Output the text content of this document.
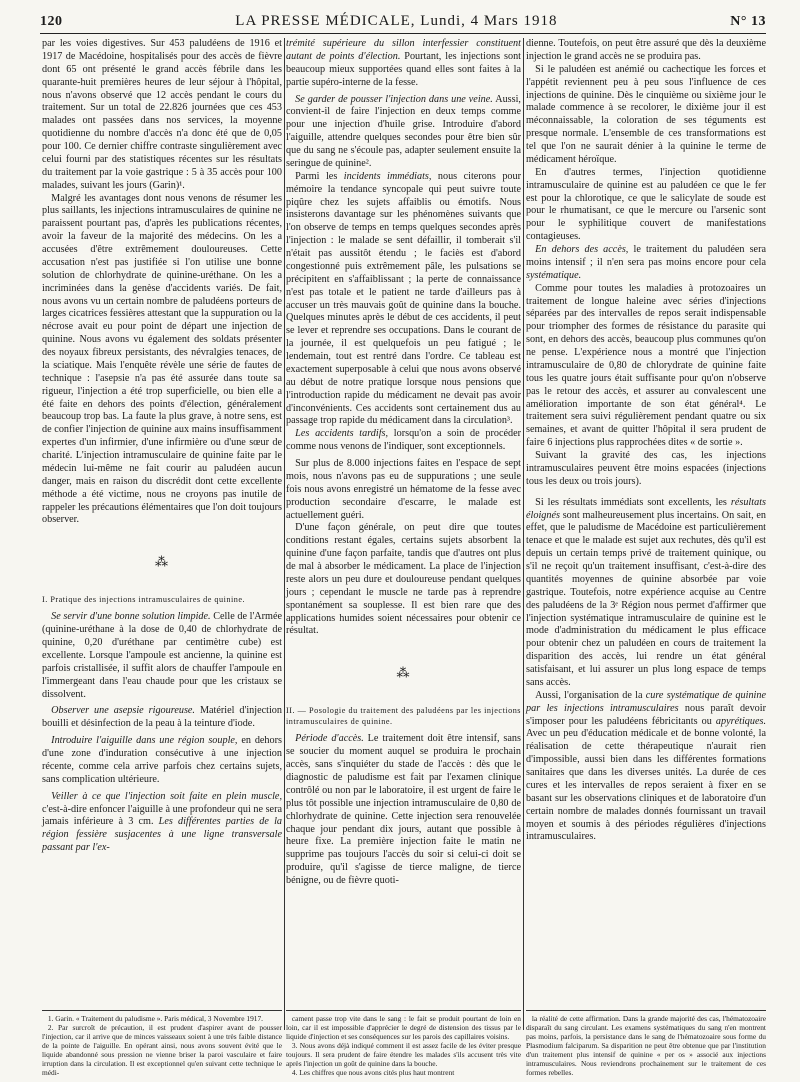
120	LA PRESSE MÉDICALE, Lundi, 4 Mars 1918	N° 13

par les voies digestives. Sur 453 paludéens de 1916 et 1917 de Macédoine, hospitalisés pour des accès de fièvre dont 65 ont présenté le grand accès fébrile dans les quarante-huit premières heures de leur séjour à l'hôpital, nous n'avons observé que 12 accès pendant le cours du traitement. Sur un total de 22.826 journées que ces 453 malades ont passées dans nos services, la moyenne quotidienne du nombre d'accès n'a donc été que de 0,05 pour 100. Ce dernier chiffre contraste singulièrement avec celui fourni par des statistiques récentes sur les résultats du traitement par la voie gastrique : 5 à 35 accès pour 100 malades, suivant les jours (Garin)¹.

Malgré les avantages dont nous venons de résumer les plus saillants, les injections intramusculaires de quinine ne paraissent pourtant pas, d'après les publications récentes, avoir la faveur de la majorité des médecins. On les a accusées d'être extrêmement douloureuses. Cette accusation n'est pas justifiée si l'on utilise une bonne solution de chlorhydrate de quinine-uréthane. On les a incriminées dans la genèse d'accidents variés. De fait, nous avons vu un certain nombre de paludéens porteurs de larges cicatrices fessières attestant que la suppuration ou la nécrose avait eu pour point de départ une injection de quinine. Nous avons vu également des soldats présenter des noyaux fibreux persistants, des névralgies tenaces, de la sciatique. Mais l'enquête révèle une série de fautes de technique : l'asepsie n'a pas été assurée dans toute sa rigueur, l'injection a été trop superficielle, ou bien elle a été faite en dehors des points d'élection, généralement beaucoup trop bas. La faute la plus grave, à notre sens, est de confier l'injection de quinine aux mains insuffisamment expertes d'un infirmier, d'une infirmière ou d'une sœur de charité. L'injection intramusculaire de quinine faite par le médecin lui-même ne fait courir au paludéen aucun danger, mais en raison du discrédit dont cette excellente méthode a été victime, nous ne croyons pas inutile de rappeler les précautions élémentaires que l'on doit toujours observer.

⁂
I. Pratique des injections intramusculaires de quinine.

Se servir d'une bonne solution limpide. Celle de l'Armée (quinine-uréthane à la dose de 0,40 de chlorhydrate de quinine, 0,20 d'uréthane par centimètre cube) est excellente. Lorsque l'ampoule est ancienne, la quinine est parfois cristallisée, il suffit alors de chauffer l'ampoule en l'immergeant dans l'eau chaude pour que les cristaux se dissolvent.

Observer une asepsie rigoureuse. Matériel d'injection bouilli et désinfection de la peau à la teinture d'iode.

Introduire l'aiguille dans une région souple, en dehors d'une zone d'induration consécutive à une injection récente, comme cela arrive parfois chez certains sujets, sans complication ultérieure.

Veiller à ce que l'injection soit faite en plein muscle, c'est-à-dire enfoncer l'aiguille à une profondeur qui ne sera jamais inférieure à 3 cm. Les différentes parties de la région fessière susjacentes à une ligne transversale passant par l'ex-

trémité supérieure du sillon interfessier constituent autant de points d'élection. Pourtant, les injections sont beaucoup mieux supportées quand elles sont faites à la partie supéro-interne de la fesse.

Se garder de pousser l'injection dans une veine. Aussi, convient-il de faire l'injection en deux temps comme pour une injection d'huile grise. Introduire d'abord l'aiguille, attendre quelques secondes pour être bien sûr que du sang ne s'écoule pas, adapter seulement ensuite la seringue de quinine².

Parmi les incidents immédiats, nous citerons pour mémoire la tendance syncopale qui peut suivre toute piqûre chez les sujets affaiblis ou émotifs. Nous insisterons davantage sur les phénomènes suivants que l'on observe de temps en temps quelques secondes après l'injection : le malade se sent défaillir, il tomberait s'il n'était pas aussitôt étendu ; le faciès est d'abord congestionné puis extrêmement pâle, les pulsations se précipitent en s'affaiblissant ; la perte de connaissance n'est pas totale et le patient ne tarde d'ailleurs pas à accuser un très mauvais goût de quinine dans la bouche. Quelques minutes après le début de ces accidents, il peut se lever et reprendre ses occupations. Dans le courant de la journée, il est quelquefois un peu fatigué ; le lendemain, tout est rentré dans l'ordre. Ce tableau est exactement superposable à celui que nous avons observé au début de notre pratique lorsque nous pensions que l'introduction rapide du médicament ne devait pas avoir d'inconvénients. Ces accidents sont certainement dus au passage trop rapide du médicament dans la circulation³.

Les accidents tardifs, lorsqu'on a soin de procéder comme nous venons de l'indiquer, sont exceptionnels.

Sur plus de 8.000 injections faites en l'espace de sept mois, nous n'avons pas eu de suppurations ; une seule fois nous avons enregistré un hématome de la fesse avec production secondaire d'escarre, le malade est actuellement guéri.

D'une façon générale, on peut dire que toutes conditions restant égales, certains sujets absorbent la quinine d'une façon parfaite, tandis que d'autres ont plus de mal à absorber le médicament. La place de l'injection reste alors un peu dure et douloureuse pendant quelques jours ; cependant le muscle ne tarde pas à reprendre spontanément sa souplesse. Il est bien rare que des applications humides soient nécessaires pour obtenir ce résultat.

⁂
II. — Posologie du traitement des paludéens par les injections intramusculaires de quinine.

Période d'accès. Le traitement doit être intensif, sans se soucier du moment auquel se produira le prochain accès, sans s'inquiéter du stade de l'accès : dès que le diagnostic de paludisme est fait par l'examen clinique contrôlé ou non par le laboratoire, il est urgent de faire le plus tôt possible une injection intramusculaire de 0,80 de chlorhydrate de quinine. Cette injection sera renouvelée chaque jour pendant dix jours, autant que possible à heure fixe. La première injection faite le matin ne supprime pas toujours l'accès du soir si celui-ci doit se produire, qu'il s'agisse de tierce maligne, de tierce bénigne, ou de fièvre quoti-

dienne. Toutefois, on peut être assuré que dès la deuxième injection le grand accès ne se produira pas.

Si le paludéen est anémié ou cachectique les forces et l'appétit reviennent peu à peu sous l'influence de ces injections de quinine. Dès le cinquième ou sixième jour le malade commence à se recolorer, le dixième jour il est méconnaissable, la coloration de ses téguments est presque normale. L'ensemble de ces transformations est tel que l'on ne saurait dénier à la quinine le terme de médicament héroïque.

En d'autres termes, l'injection quotidienne intramusculaire de quinine est au paludéen ce que le fer est pour la chlorotique, ce que le salicylate de soude est pour le rhumatisant, ce que le mercure ou l'arsenic sont pour le syphilitique couvert de manifestations contagieuses.

En dehors des accès, le traitement du paludéen sera moins intensif ; il n'en sera pas moins encore pour cela systématique.

Comme pour toutes les maladies à protozoaires un traitement de longue haleine avec séries d'injections séparées par des intervalles de repos serait indispensable pour triompher des formes de résistance du parasite qui sont, en dehors des accès, beaucoup plus communes qu'on ne pense. L'expérience nous a montré que l'injection intramusculaire de 0,80 de chlorydrate de quinine faite tous les quatre jours était suffisante pour qu'on n'observe pas le retour des accès, et assurer au convalescent une amélioration importante de son état général⁴. Le traitement sera suivi régulièrement pendant quatre ou six semaines, et avant de quitter l'hôpital il sera prudent de faire 6 injections plus rapprochées dites « de sortie ».

Suivant la gravité des cas, les injections intramusculaires peuvent être moins espacées (injections tous les deux ou trois jours).

Si les résultats immédiats sont excellents, les résultats éloignés sont malheureusement plus incertains. On sait, en effet, que le paludisme de Macédoine est particulièrement tenace et que le malade est sujet aux rechutes, dès qu'il est depuis un certain temps privé de traitement quinique, ou s'il ne reçoit qu'un traitement insuffisant, c'est-à-dire des quantités moyennes de quinine absorbée par voie gastrique. Toutefois, notre expérience acquise au Centre des paludéens de la 3ᵉ Région nous permet d'affirmer que l'injection systématique intramusculaire de quinine est le mode d'administration du médicament le plus efficace pour obtenir chez un paludéen en cours de traitement la disparition des accès, lui rendre un état général satisfaisant, et lui assurer un plus long espace de temps sans accès.

Aussi, l'organisation de la cure systématique de quinine par les injections intramusculaires nous paraît devoir s'imposer pour les paludéens fébricitants ou apyrétiques. Avec un peu d'éducation médicale et de bonne volonté, la réalisation de cette thérapeutique n'aurait rien d'impossible, aussi bien dans les différentes formations sanitaires que dans les diverses unités. La durée de ces cures et les intervalles de repos seraient à fixer en se basant sur les observations cliniques et de laboratoire d'un certain nombre de malades donnés fournissant un travail moyen et soumis à des périodes régulières d'injections intramusculaires.

1. Garin. « Traitement du paludisme ». Paris médical, 3 Novembre 1917.

2. Par surcroît de précaution, il est prudent d'aspirer avant de pousser l'injection, car il arrive que de minces vaisseaux soient à une très faible distance de la pointe de l'aiguille. En opérant ainsi, nous avons souvent évité que le liquide abandonné sous pression ne vienne briser la paroi vasculaire et faire irruption dans la circulation. Il est exceptionnel qu'en suivant cette technique le médi-

cament passe trop vite dans le sang : le fait se produit pourtant de loin en loin, car il est impossible d'apprécier le degré de distension des tissus par le liquide d'injection et ses conséquences sur les parois des capillaires voisins.

3. Nous avons déjà indiqué comment il est assez facile de les éviter presque toujours. Il sera prudent de faire étendre les malades s'ils accusent très vite après l'injection un goût de quinine dans la bouche.

4. Les chiffres que nous avons cités plus haut montrent

la réalité de cette affirmation. Dans la grande majorité des cas, l'hématozoaire disparaît du sang circulant. Les examens systématiques du sang n'en montrent pas moins, parfois, la persistance dans le sang de l'hématozoaire sous forme du Plasmodium falciparum. Sa disparition ne peut être obtenue que par l'institution d'un traitement plus intensif de quinine « per os » associé aux injections intramusculaires. Nous reviendrons prochainement sur le traitement de ces formes rebelles.
